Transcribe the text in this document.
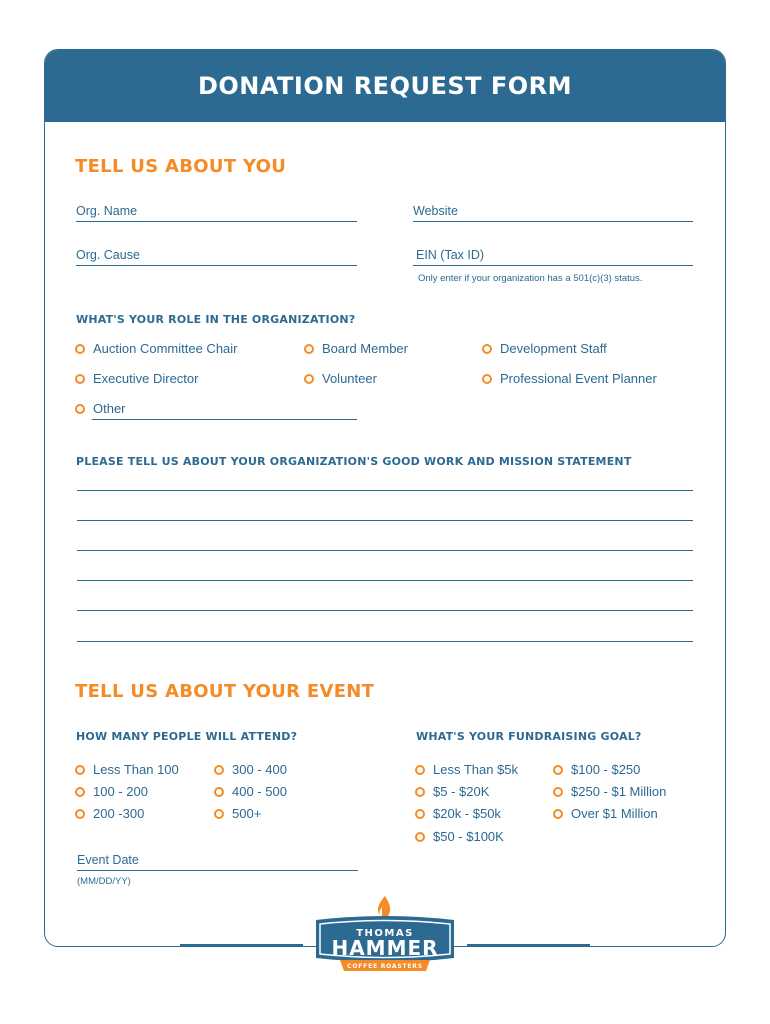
DONATION REQUEST FORM
TELL US ABOUT YOU
Org. Name	Website
Org. Cause	EIN (Tax ID)
Only enter if your organization has a 501(c)(3) status.
WHAT'S YOUR ROLE IN THE ORGANIZATION?
Auction Committee Chair	Board Member	Development Staff
Executive Director	Volunteer	Professional Event Planner
Other
PLEASE TELL US ABOUT YOUR ORGANIZATION'S GOOD WORK AND MISSION STATEMENT
TELL US ABOUT YOUR EVENT
HOW MANY PEOPLE WILL ATTEND?	WHAT'S YOUR FUNDRAISING GOAL?
Less Than 100	300 - 400
100 - 200	400 - 500
200 -300	500+
Less Than $5k	$100 - $250
$5 - $20K	$250 - $1 Million
$20k - $50k	Over $1 Million
$50 - $100K
Event Date
(MM/DD/YY)
THOMAS
HAMMER
COFFEE ROASTERS
